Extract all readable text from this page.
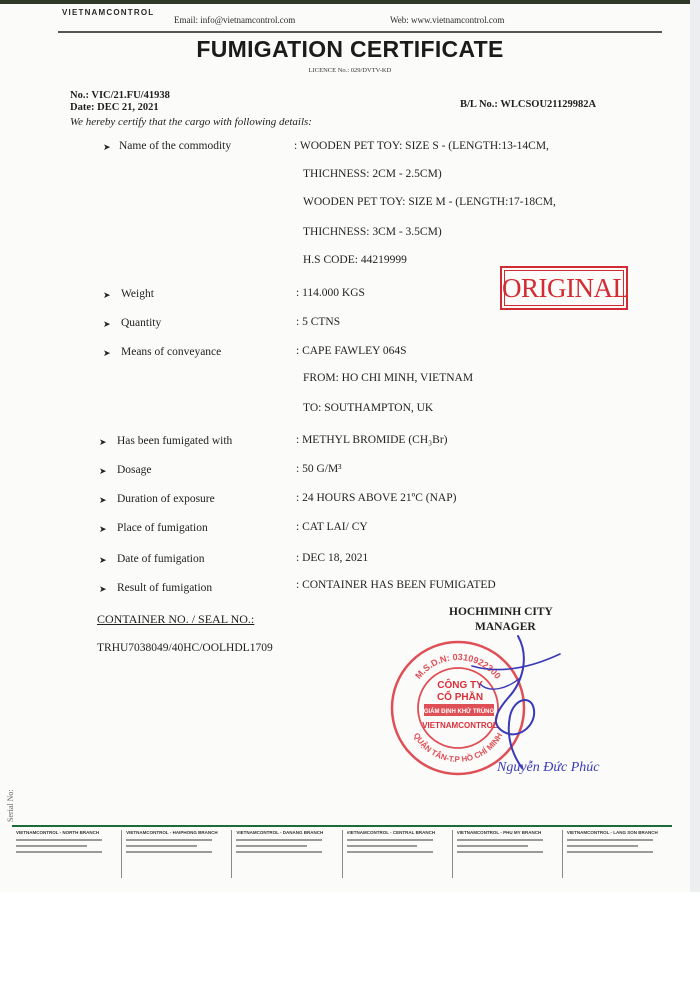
VIETNAMCONTROL
Email: info@vietnamcontrol.com	Web: www.vietnamcontrol.com
FUMIGATION CERTIFICATE
LICENCE No.: 029/DVTV-KD
No.: VIC/21.FU/41938
Date: DEC 21, 2021	B/L No.: WLCSOU21129982A
We hereby certify that the cargo with following details:
➤ Name of the commodity	: WOODEN PET TOY: SIZE S - (LENGTH:13-14CM,
THICHNESS: 2CM - 2.5CM)
WOODEN PET TOY: SIZE M - (LENGTH:17-18CM,
THICHNESS: 3CM - 3.5CM)
H.S CODE: 44219999
➤ Weight	: 114.000 KGS
➤ Quantity	: 5 CTNS
➤ Means of conveyance	: CAPE FAWLEY 064S
FROM: HO CHI MINH, VIETNAM
TO: SOUTHAMPTON, UK
➤ Has been fumigated with	: METHYL BROMIDE (CH₃Br)
➤ Dosage	: 50 G/M³
➤ Duration of exposure	: 24 HOURS ABOVE 21ºC (NAP)
➤ Place of fumigation	: CAT LAI/ CY
➤ Date of fumigation	: DEC 18, 2021
➤ Result of fumigation	: CONTAINER HAS BEEN FUMIGATED
ORIGINAL
CONTAINER NO. / SEAL NO.:
TRHU7038049/40HC/OOLHDL1709
HOCHIMINH CITY
MANAGER
M.S.D.N: 0310922300
QUẬN TÂN-T.P HỒ CHÍ MINH
CÔNG TY
CỔ PHẦN
GIÁM ĐỊNH KHỬ TRÙNG
VIETNAMCONTROL
Nguyễn Đức Phúc
Serial No:
VIETNAMCONTROL - NORTH BRANCH	VIETNAMCONTROL - HAIPHONG BRANCH	VIETNAMCONTROL - DANANG BRANCH	VIETNAMCONTROL - CENTRAL BRANCH	VIETNAMCONTROL - PHU MY BRANCH	VIETNAMCONTROL - LANG SON BRANCH
